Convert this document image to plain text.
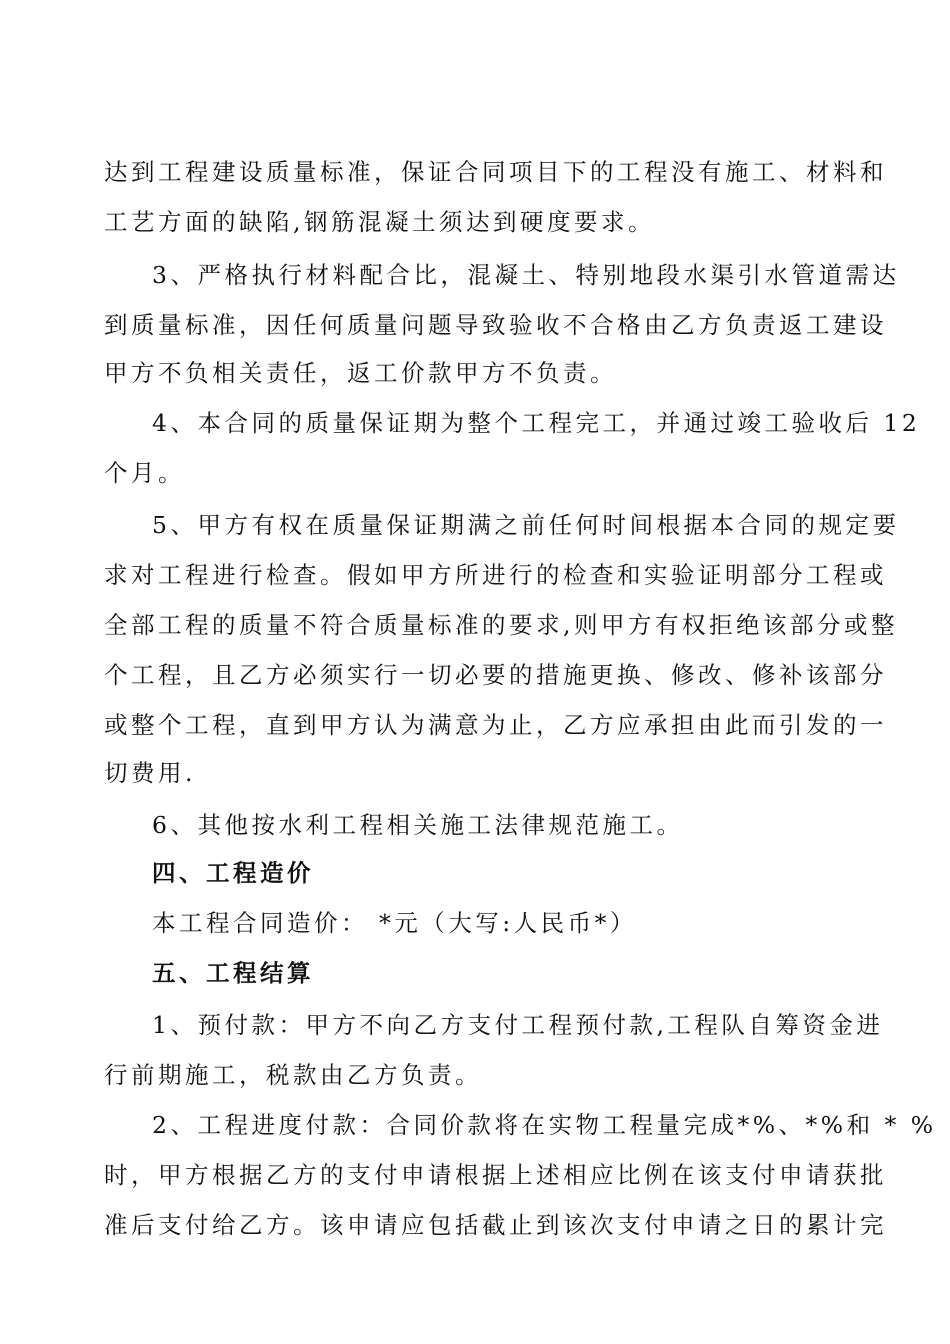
达到工程建设质量标准，保证合同项目下的工程没有施工、材料和
工艺方面的缺陷,钢筋混凝土须达到硬度要求。
3、严格执行材料配合比，混凝土、特别地段水渠引水管道需达
到质量标准，因任何质量问题导致验收不合格由乙方负责返工建设
甲方不负相关责任，返工价款甲方不负责。
4、本合同的质量保证期为整个工程完工，并通过竣工验收后 12
个月。
5、甲方有权在质量保证期满之前任何时间根据本合同的规定要
求对工程进行检查。假如甲方所进行的检查和实验证明部分工程或
全部工程的质量不符合质量标准的要求,则甲方有权拒绝该部分或整
个工程，且乙方必须实行一切必要的措施更换、修改、修补该部分
或整个工程，直到甲方认为满意为止，乙方应承担由此而引发的一
切费用.
6、其他按水利工程相关施工法律规范施工。
四、工程造价
本工程合同造价： *元（大写:人民币*）
五、工程结算
1、预付款：甲方不向乙方支付工程预付款,工程队自筹资金进
行前期施工，税款由乙方负责。
2、工程进度付款：合同价款将在实物工程量完成*%、*%和 * %
时，甲方根据乙方的支付申请根据上述相应比例在该支付申请获批
准后支付给乙方。该申请应包括截止到该次支付申请之日的累计完
